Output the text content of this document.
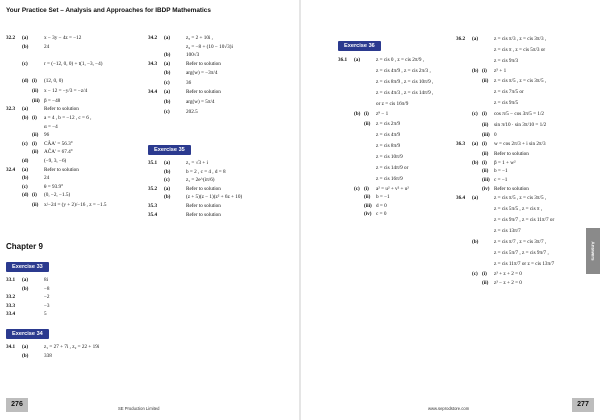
Your Practice Set – Analysis and Approaches for IBDP Mathematics
32.2 (a)	x − 3y − 4z = −12
(b)	24
(c)	r = (−12, 0, 0) + t(1, −3, −4)
(d) (i) (12, 0, 0)
(ii) x − 12 = −y/3 = −z/4
(iii) β = −48
32.3 (a)	Refer to solution
(b) (i) a = 4 , b = −12 , c = 6 ,
α = −4
(ii) 96
(c) (i) CÂA′ = 56.3°
(ii) AĈA′ = 67.4°
(d)	(−9, 3, −6)
32.4 (a)	Refer to solution
(b)	24
(c)	θ = 93.9°
(d) (i) (0, −2, −1.5)
(ii) x/−24 = (y + 2)/−16 , z = −1.5
Chapter 9
Exercise 33
33.1 (a)	8i
(b)	−8
33.2	−2
33.3	−3
33.4	5
Exercise 34
34.1 (a)	z₁ = 27 + 7i , z₂ = 22 + 19i
(b)	338
34.2 (a)	z₃ = 2 + 10i ,
z₄ = −8 + (10 − 10√3)i
(b)	100√3
34.3 (a)	Refer to solution
(b)	arg(w) = −3π/4
(c)	36
34.4 (a)	Refer to solution
(b)	arg(w) = 5π/4
(c)	202.5
Exercise 35
35.1 (a)	z₁ = √3 + i
(b)	b = 2 , c = 4 , d = 8
(c)	z₁ = 2e^(iπ/6)
35.2 (a)	Refer to solution
(b)	(z + 5)(z − 1)(z² + 6z + 10)
35.3	Refer to solution
35.4	Refer to solution
Exercise 36
36.1 (a)	z = cis 0 , z = cis 2π/9 ,
z = cis 4π/9 , z = cis 2π/3 ,
z = cis 8π/9 , z = cis 10π/9 ,
z = cis 4π/3 , z = cis 14π/9 ,
or z = cis 16π/9
(b) (i) z⁹ − 1
(ii) z = cis 2π/9
z = cis 4π/9
z = cis 8π/9
z = cis 10π/9
z = cis 14π/9 or
z = cis 16π/9
(c) (i) a² = u² + v² + u²
(ii) b = −1
(iii) d = 0
(iv) c = 0
36.2 (a)	z = cis π/3 , z = cis 3π/3 ,
z = cis π , z = cis 5π/3 or
z = cis 9π/3
(b) (i) z⁵ + 1
(ii) z = cis π/5 , z = cis 3π/5 ,
z = cis 7π/5 or
z = cis 9π/5
(c) (i) cos π/5 − cos 3π/5 = 1/2
(ii) sin π/10 · sin 3π/10 = 1/2
(iii) 0
36.3 (a) (i) w = cos 2π/3 + i sin 2π/3
(ii) Refer to solution
(b) (i) β = 1 + w²
(ii) b = −1
(iii) c = −1
(iv) Refer to solution
36.4 (a)	z = cis π/5 , z = cis 3π/5 ,
z = cis 5π/5 , z = cis π ,
z = cis 9π/7 , z = cis 11π/7 or
z = cis 13π/7
(b)	z = cis π/7 , z = cis 3π/7 ,
z = cis 5π/7 , z = cis 9π/7 ,
z = cis 11π/7 or z = cis 13π/7
(c) (i) z³ + z + 2 = 0
(ii) z³ − z + 2 = 0
Answers
276	277
SE Production Limited	www.seprodstore.com
